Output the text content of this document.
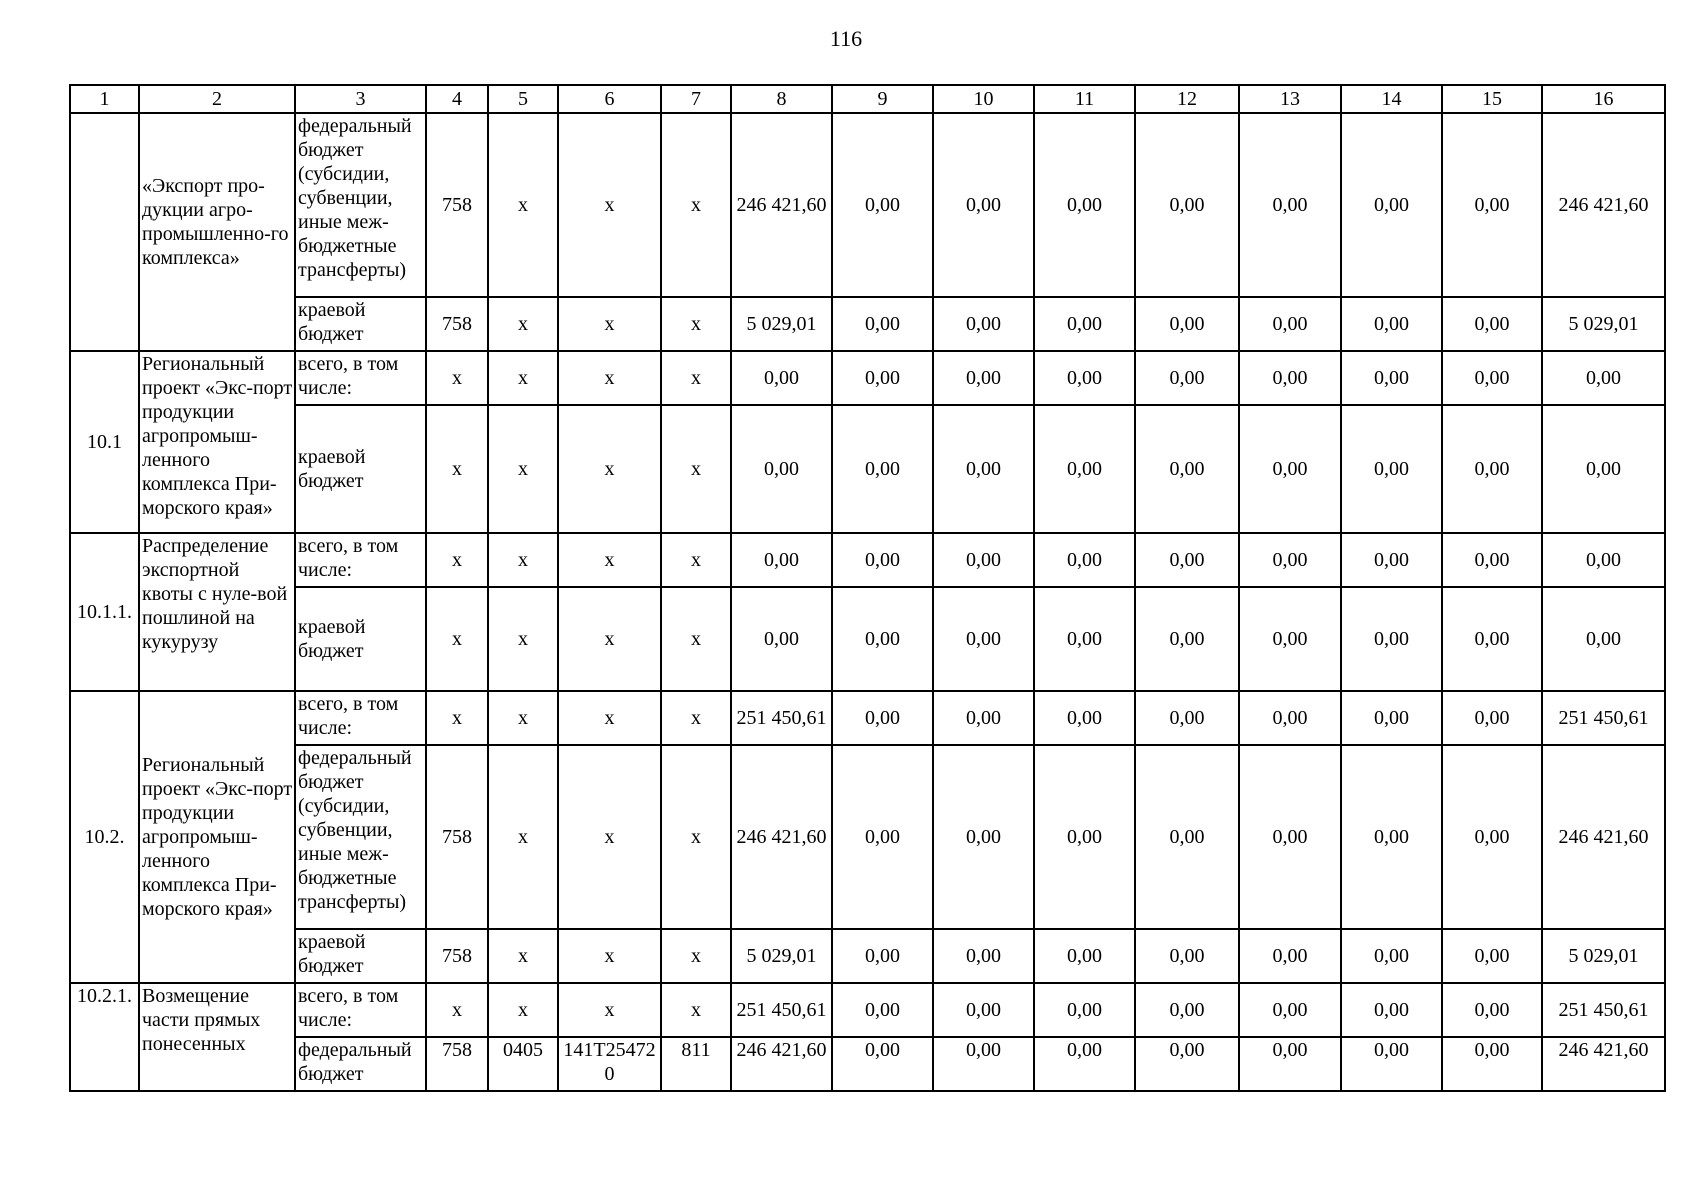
116
1	2	3	4	5	6	7	8	9	10	11	12	13	14	15	16
	«Экспорт про-дукции агро-промышленно-го комплекса»	федеральный бюджет (субсидии, субвенции, иные меж-бюджетные трансферты)	758	x	x	x	246 421,60	0,00	0,00	0,00	0,00	0,00	0,00	0,00	246 421,60
		краевой бюджет	758	x	x	x	5 029,01	0,00	0,00	0,00	0,00	0,00	0,00	0,00	5 029,01
10.1	Региональный проект «Экс-порт продукции агропромыш-ленного комплекса При-морского края»	всего, в том числе:	x	x	x	x	0,00	0,00	0,00	0,00	0,00	0,00	0,00	0,00	0,00
		краевой бюджет	x	x	x	x	0,00	0,00	0,00	0,00	0,00	0,00	0,00	0,00	0,00
10.1.1.	Распределение экспортной квоты с нуле-вой пошлиной на кукурузу	всего, в том числе:	x	x	x	x	0,00	0,00	0,00	0,00	0,00	0,00	0,00	0,00	0,00
		краевой бюджет	x	x	x	x	0,00	0,00	0,00	0,00	0,00	0,00	0,00	0,00	0,00
10.2.	Региональный проект «Экс-порт продукции агропромыш-ленного комплекса При-морского края»	всего, в том числе:	x	x	x	x	251 450,61	0,00	0,00	0,00	0,00	0,00	0,00	0,00	251 450,61
		федеральный бюджет (субсидии, субвенции, иные меж-бюджетные трансферты)	758	x	x	x	246 421,60	0,00	0,00	0,00	0,00	0,00	0,00	0,00	246 421,60
		краевой бюджет	758	x	x	x	5 029,01	0,00	0,00	0,00	0,00	0,00	0,00	0,00	5 029,01
10.2.1.	Возмещение части прямых понесенных	всего, в том числе:	x	x	x	x	251 450,61	0,00	0,00	0,00	0,00	0,00	0,00	0,00	251 450,61
		федеральный бюджет	758	0405	141T254720	811	246 421,60	0,00	0,00	0,00	0,00	0,00	0,00	0,00	246 421,60
